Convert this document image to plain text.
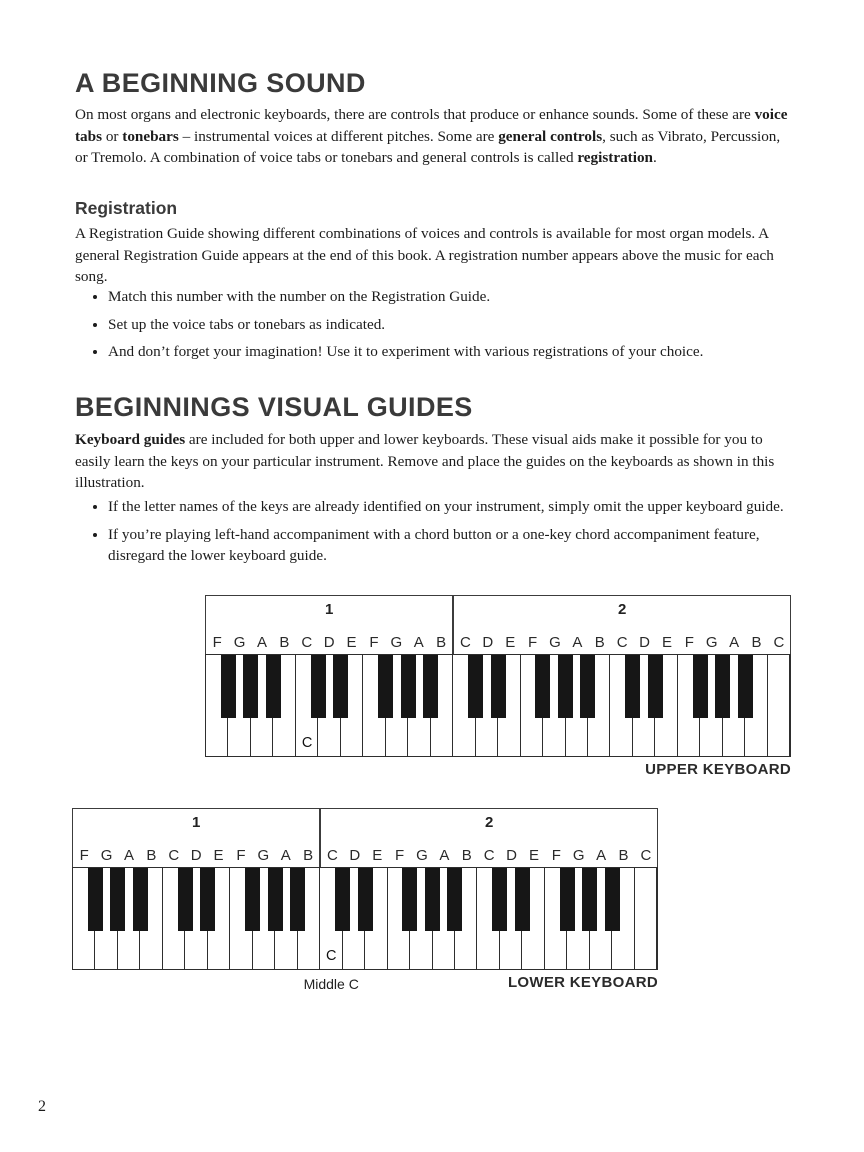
A BEGINNING SOUND

On most organs and electronic keyboards, there are controls that produce or enhance sounds. Some of these are voice tabs or tonebars – instrumental voices at different pitches. Some are general controls, such as Vibrato, Percussion, or Tremolo. A combination of voice tabs or tonebars and general controls is called registration.

Registration

A Registration Guide showing different combinations of voices and controls is available for most organ models. A general Registration Guide appears at the end of this book. A registration number appears above the music for each song.

• Match this number with the number on the Registration Guide.
• Set up the voice tabs or tonebars as indicated.
• And don’t forget your imagination! Use it to experiment with various registrations of your choice.
BEGINNINGS VISUAL GUIDES

Keyboard guides are included for both upper and lower keyboards. These visual aids make it possible for you to easily learn the keys on your particular instrument. Remove and place the guides on the keyboards as shown in this illustration.

• If the letter names of the keys are already identified on your instrument, simply omit the upper keyboard guide.
• If you’re playing left-hand accompaniment with a chord button or a one-key chord accompaniment feature, disregard the lower keyboard guide.
1
F G A B C D E F G A B
2
C D E F G A B C D E F G A B C
C
UPPER KEYBOARD
1
F G A B C D E F G A B
2
C D E F G A B C D E F G A B C
C
Middle C	LOWER KEYBOARD
2
